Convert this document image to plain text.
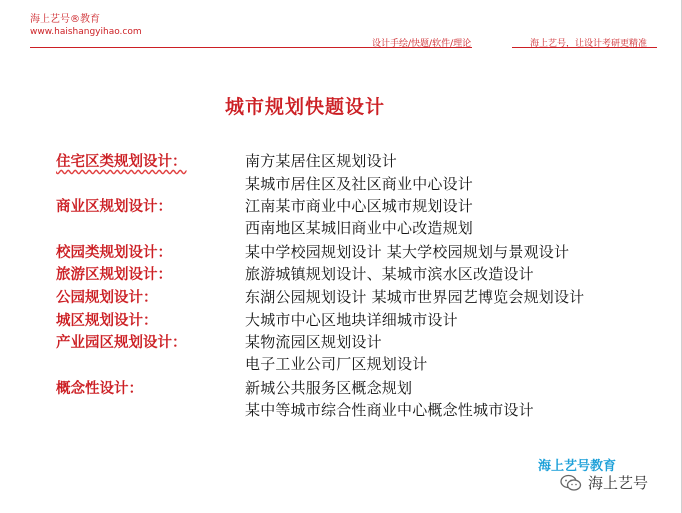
海上艺号®教育
www.haishangyihao.com
设计手绘/快题/软件/理论	海上艺号，让设计考研更精准
城市规划快题设计
住宅区类规划设计：	南方某居住区规划设计
某城市居住区及社区商业中心设计
商业区规划设计：	江南某市商业中心区城市规划设计
西南地区某城旧商业中心改造规划
校园类规划设计：	某中学校园规划设计 某大学校园规划与景观设计
旅游区规划设计：	旅游城镇规划设计、某城市滨水区改造设计
公园规划设计：	东湖公园规划设计 某城市世界园艺博览会规划设计
城区规划设计：	大城市中心区地块详细城市设计
产业园区规划设计：	某物流园区规划设计
电子工业公司厂区规划设计
概念性设计：	新城公共服务区概念规划
某中等城市综合性商业中心概念性城市设计
海上艺号教育
海上艺号
